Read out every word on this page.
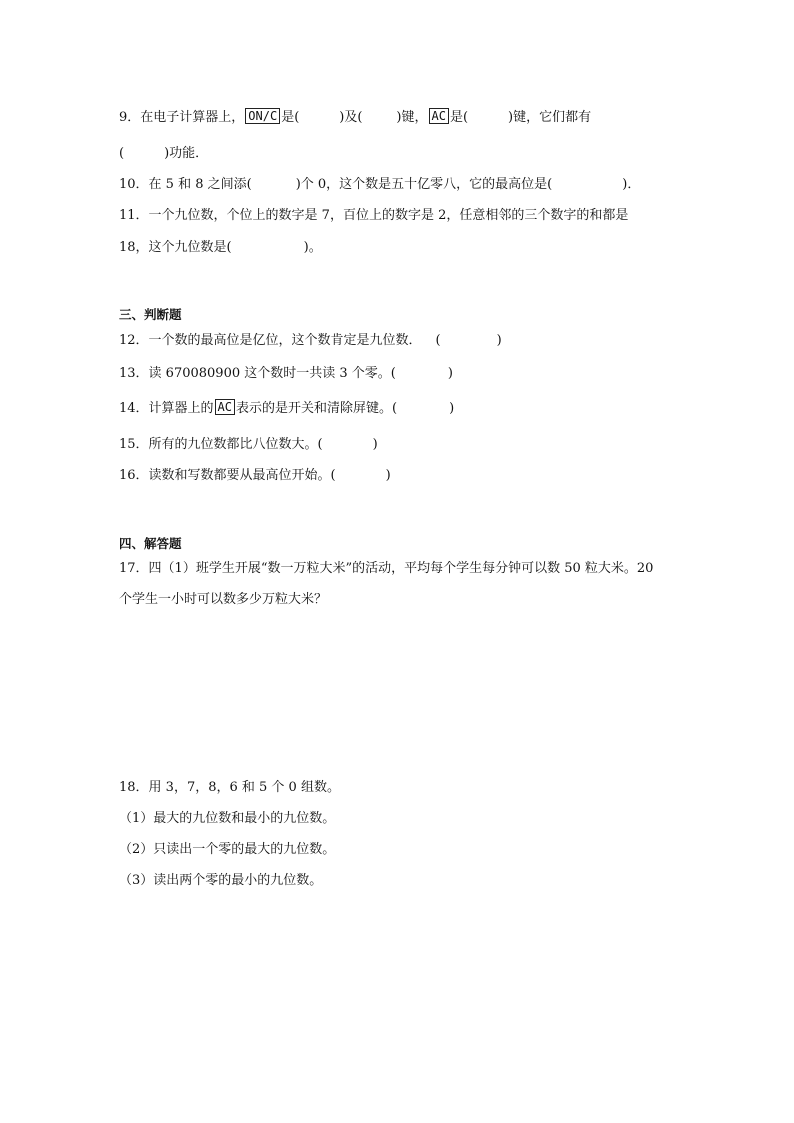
9．在电子计算器上， ON/C 是(	)及(	)键， AC 是(	)键，它们都有
(	)功能．
10．在 5 和 8 之间添(	)个 0，这个数是五十亿零八，它的最高位是(	)．
11．一个九位数，个位上的数字是 7，百位上的数字是 2，任意相邻的三个数字的和都是
18，这个九位数是(	)。
三、判断题
12．一个数的最高位是亿位，这个数肯定是九位数． (	)
13．读 670080900 这个数时一共读 3 个零。(	)
14．计算器上的 AC 表示的是开关和清除屏键。(	)
15．所有的九位数都比八位数大。(	)
16．读数和写数都要从最高位开始。(	)
四、解答题
17．四（1）班学生开展“数一万粒大米”的活动，平均每个学生每分钟可以数 50 粒大米。20
个学生一小时可以数多少万粒大米？
18．用 3，7，8，6 和 5 个 0 组数。
（1）最大的九位数和最小的九位数。
（2）只读出一个零的最大的九位数。
（3）读出两个零的最小的九位数。
